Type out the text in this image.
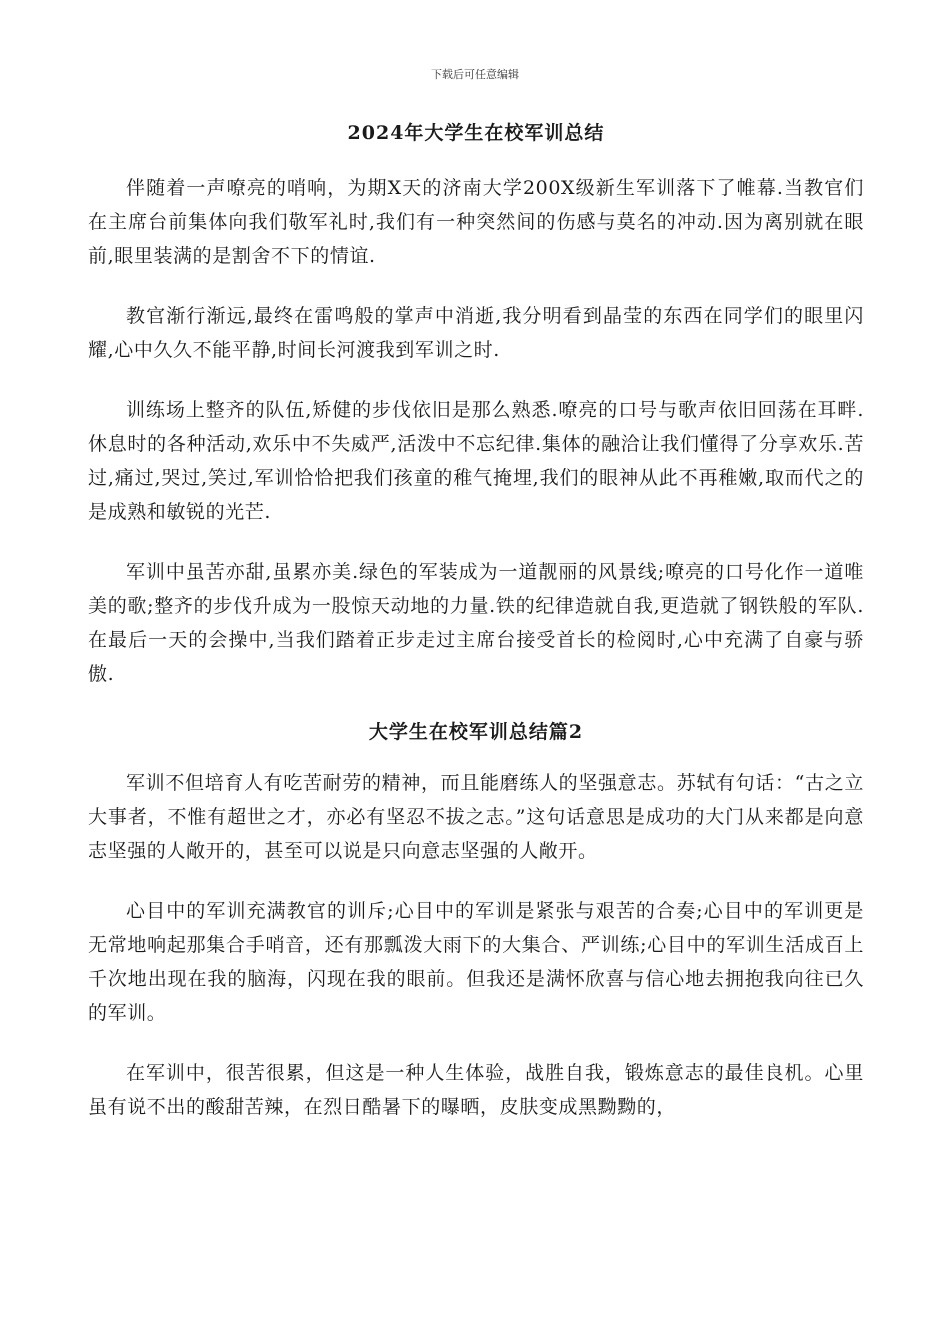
下载后可任意编辑
2024年大学生在校军训总结

伴随着一声嘹亮的哨响，为期X天的济南大学200X级新生军训落下了帷幕.当教官们在主席台前集体向我们敬军礼时,我们有一种突然间的伤感与莫名的冲动.因为离别就在眼前,眼里装满的是割舍不下的情谊.

教官渐行渐远,最终在雷鸣般的掌声中消逝,我分明看到晶莹的东西在同学们的眼里闪耀,心中久久不能平静,时间长河渡我到军训之时.

训练场上整齐的队伍,矫健的步伐依旧是那么熟悉.嘹亮的口号与歌声依旧回荡在耳畔.休息时的各种活动,欢乐中不失威严,活泼中不忘纪律.集体的融洽让我们懂得了分享欢乐.苦过,痛过,哭过,笑过,军训恰恰把我们孩童的稚气掩埋,我们的眼神从此不再稚嫩,取而代之的是成熟和敏锐的光芒.

军训中虽苦亦甜,虽累亦美.绿色的军装成为一道靓丽的风景线;嘹亮的口号化作一道唯美的歌;整齐的步伐升成为一股惊天动地的力量.铁的纪律造就自我,更造就了钢铁般的军队.在最后一天的会操中,当我们踏着正步走过主席台接受首长的检阅时,心中充满了自豪与骄傲.

大学生在校军训总结篇2

军训不但培育人有吃苦耐劳的精神，而且能磨练人的坚强意志。苏轼有句话：“古之立大事者，不惟有超世之才，亦必有坚忍不拔之志。”这句话意思是成功的大门从来都是向意志坚强的人敞开的，甚至可以说是只向意志坚强的人敞开。

心目中的军训充满教官的训斥;心目中的军训是紧张与艰苦的合奏;心目中的军训更是无常地响起那集合手哨音，还有那瓢泼大雨下的大集合、严训练;心目中的军训生活成百上千次地出现在我的脑海，闪现在我的眼前。但我还是满怀欣喜与信心地去拥抱我向往已久的军训。

在军训中，很苦很累，但这是一种人生体验，战胜自我，锻炼意志的最佳良机。心里虽有说不出的酸甜苦辣，在烈日酷暑下的曝晒，皮肤变成黑黝黝的，
